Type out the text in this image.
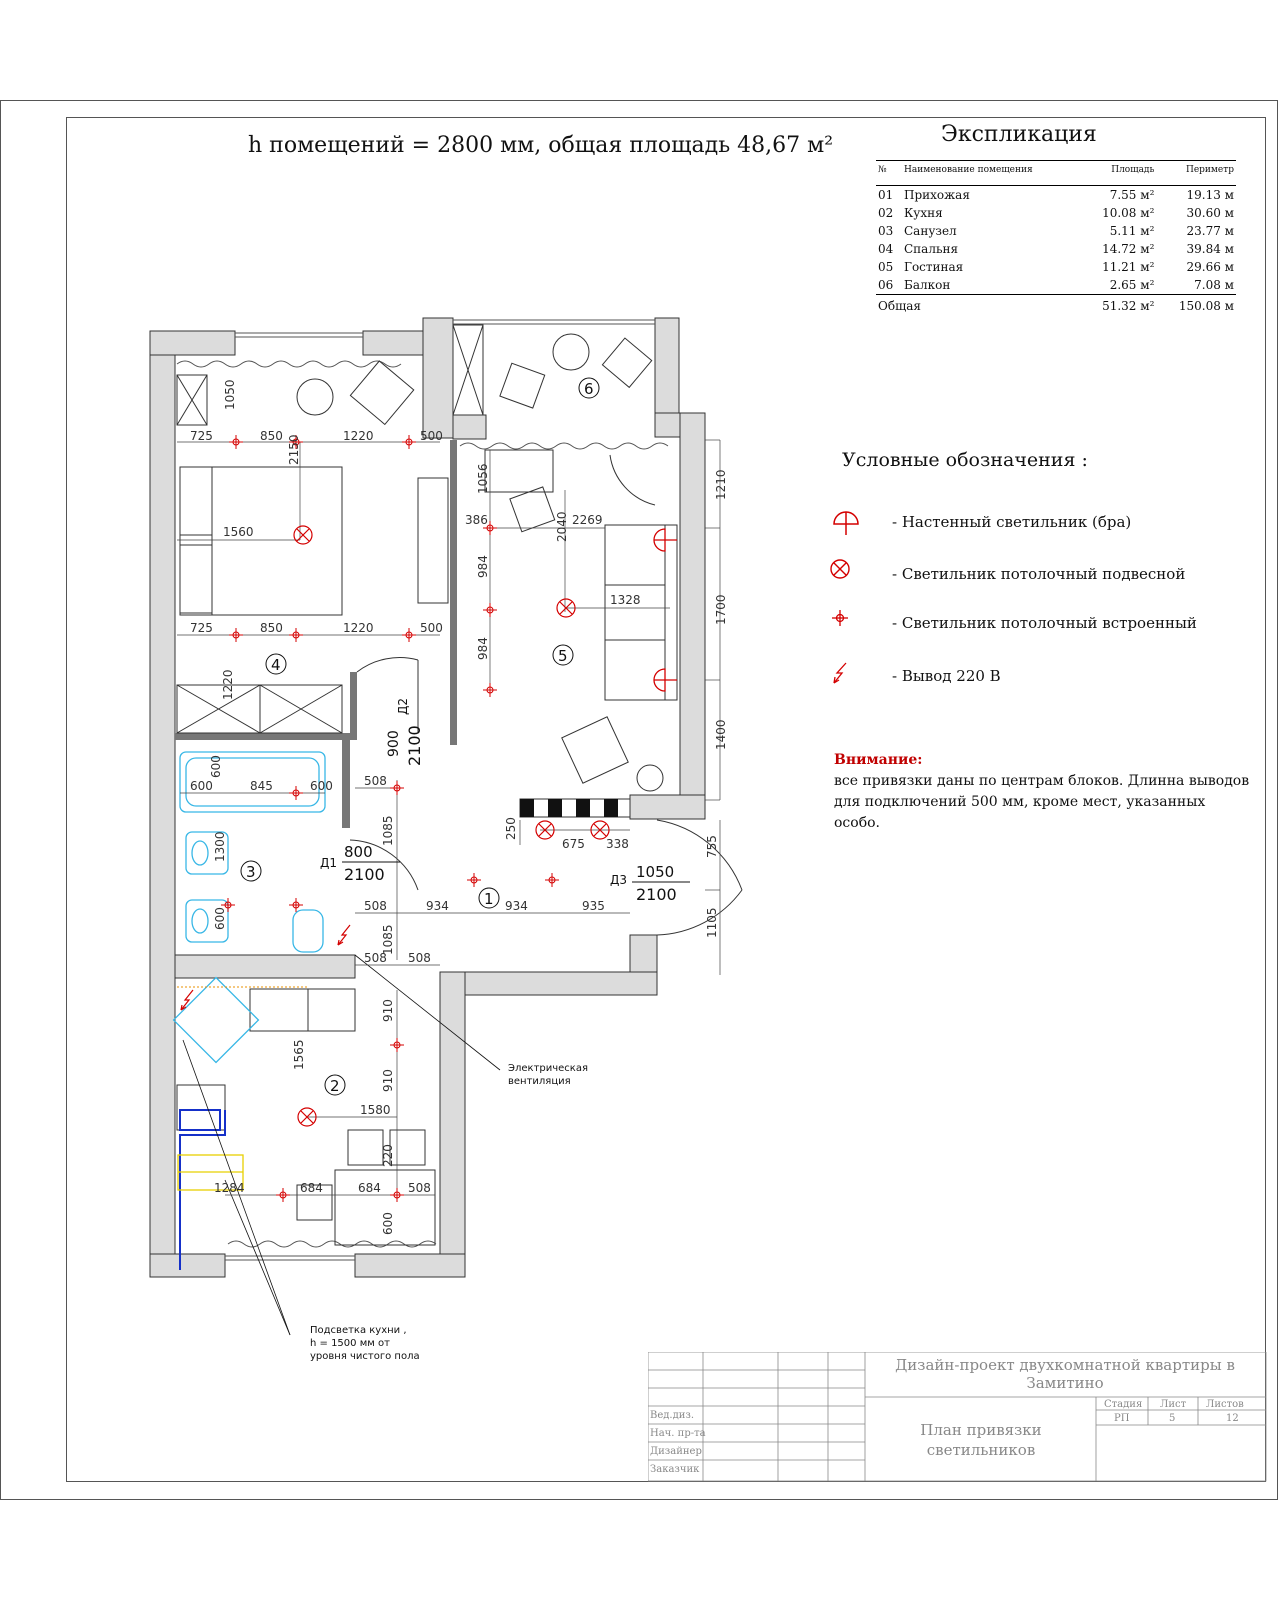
h помещений = 2800 мм, общая площадь 48,67 м²	Экспликация
№	Наименование помещения	Площадь	Периметр
01	Прихожая	7.55 м²	19.13 м
02	Кухня	10.08 м²	30.60 м
03	Санузел	5.11 м²	23.77 м
04	Спальня	14.72 м²	39.84 м
05	Гостиная	11.21 м²	29.66 м
06	Балкон	2.65 м²	7.08 м
Общая		51.32 м²	150.08 м
Условные обозначения :
- Настенный светильник (бра)
- Светильник потолочный подвесной
- Светильник потолочный встроенный
- Вывод 220 В
Внимание:
все привязки даны по центрам блоков. Длинна выводов для подключений 500 мм, кроме мест, указанных особо.
725	850	1220	500
2150
1560
725	850	1220	500
1050
1220
600
845
600	600	508
1085
1300
600
508	934	934	935
508 508
1085
910
910
1565
1580
220
1284	684	684 508
600
1056
386	2040 2269
984
984
1328
250
675 338
1210
1700
1400
755
1105
1
2
3
4	5
6
Д1
800
2100
Д2
900 2100
Д3 1050
2100
Электрическая вентиляция
Подсветка кухни , h = 1500 мм от уровня чистого пола	Дизайн-проект двухкомнатной квартиры в Замитино
План привязки светильников
Стадия Лист Листов
РП	5	12
Вед.диз.
Нач. пр-та
Дизайнер
Заказчик
